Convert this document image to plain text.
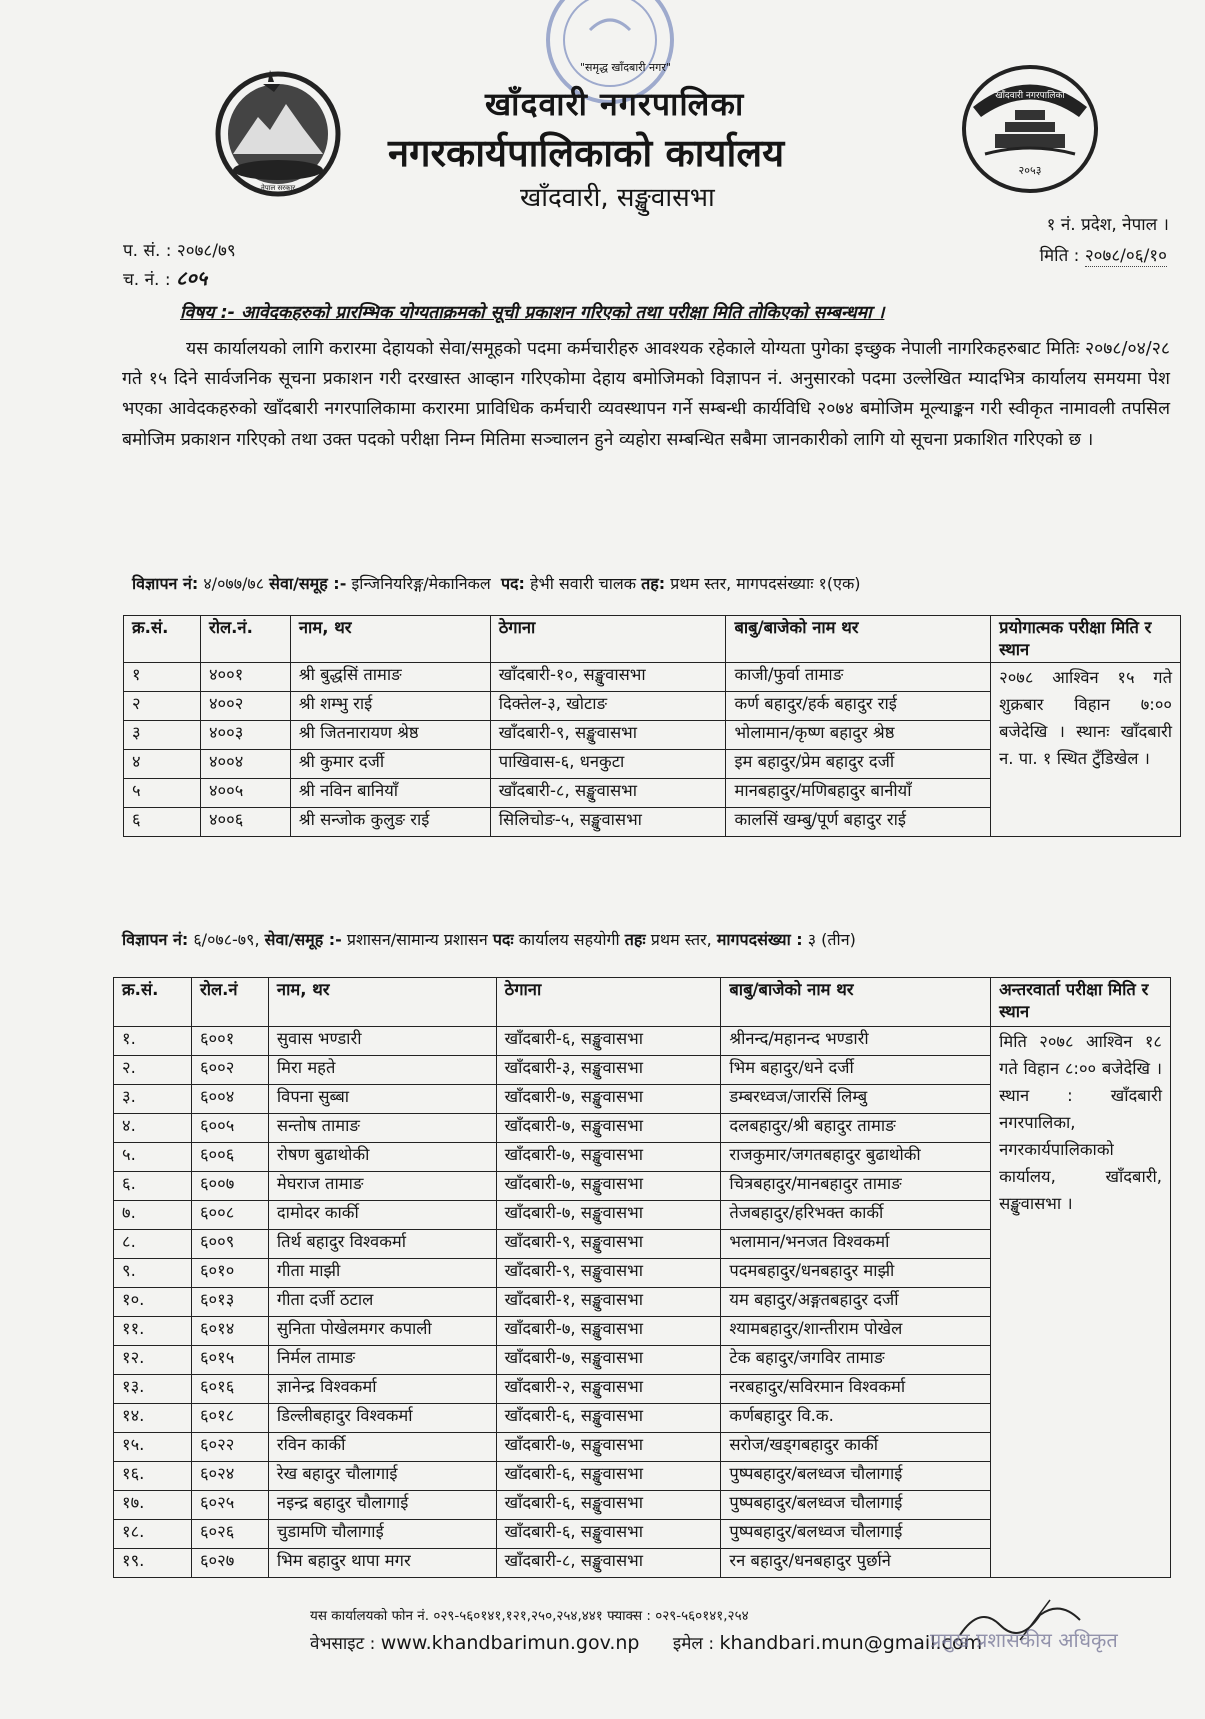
नेपाल सरकार
"समृद्ध खाँदबारी नगर"
खाँदवारी नगरपालिका
नगरकार्यपालिकाको कार्यालय
खाँदवारी, सङ्खुवासभा
खाँदवारी नगरपालिका
२०५३
१ नं. प्रदेश, नेपाल ।
प. सं. : २०७८/७९
च. नं. : ८०५
मिति : २०७८/०६/१०
विषय :- आवेदकहरुको प्रारम्भिक योग्यताक्रमको सूची प्रकाशन गरिएको तथा परीक्षा मिति तोकिएको सम्बन्धमा ।
यस कार्यालयको लागि करारमा देहायको सेवा/समूहको पदमा कर्मचारीहरु आवश्यक रहेकाले योग्यता पुगेका इच्छुक नेपाली नागरिकहरुबाट मितिः २०७८/०४/२८ गते १५ दिने सार्वजनिक सूचना प्रकाशन गरी दरखास्त आव्हान गरिएकोमा देहाय बमोजिमको विज्ञापन नं. अनुसारको पदमा उल्लेखित म्यादभित्र कार्यालय समयमा पेश भएका आवेदकहरुको खाँदबारी नगरपालिकामा करारमा प्राविधिक कर्मचारी व्यवस्थापन गर्ने सम्बन्धी कार्यविधि २०७४ बमोजिम मूल्याङ्कन गरी स्वीकृत नामावली तपसिल बमोजिम प्रकाशन गरिएको तथा उक्त पदको परीक्षा निम्न मितिमा सञ्चालन हुने व्यहोरा सम्बन्धित सबैमा जानकारीको लागि यो सूचना प्रकाशित गरिएको छ ।
विज्ञापन नं: ४/०७७/७८ सेवा/समूह :- इन्जिनियरिङ्ग/मेकानिकल पद: हेभी सवारी चालक तह: प्रथम स्तर, मागपदसंख्याः १(एक)
क्र.सं.	रोल.नं.	नाम, थर	ठेगाना	बाबु/बाजेको नाम थर	प्रयोगात्मक परीक्षा मिति र स्थान
१	४००१	श्री बुद्धसिं तामाङ	खाँदबारी-१०, सङ्खुवासभा	काजी/फुर्वा तामाङ	२०७८ आश्विन १५ गते शुक्रबार विहान ७:०० बजेदेखि । स्थानः खाँदबारी न. पा. १ स्थित टुँडिखेल ।
२	४००२	श्री शम्भु राई	दिक्तेल-३, खोटाङ	कर्ण बहादुर/हर्क बहादुर राई	
३	४००३	श्री जितनारायण श्रेष्ठ	खाँदबारी-९, सङ्खुवासभा	भोलामान/कृष्ण बहादुर श्रेष्ठ	
४	४००४	श्री कुमार दर्जी	पाखिवास-६, धनकुटा	इम बहादुर/प्रेम बहादुर दर्जी	
५	४००५	श्री नविन बानियाँ	खाँदबारी-८, सङ्खुवासभा	मानबहादुर/मणिबहादुर बानीयाँ	
६	४००६	श्री सन्जोक कुलुङ राई	सिलिचोङ-५, सङ्खुवासभा	कालसिं खम्बु/पूर्ण बहादुर राई	
विज्ञापन नं: ६/०७८-७९, सेवा/समूह :- प्रशासन/सामान्य प्रशासन पदः कार्यालय सहयोगी तहः प्रथम स्तर, मागपदसंख्या : ३ (तीन)
क्र.सं.	रोल.नं	नाम, थर	ठेगाना	बाबु/बाजेको नाम थर	अन्तरवार्ता परीक्षा मिति र स्थान
१.	६००१	सुवास भण्डारी	खाँदबारी-६, सङ्खुवासभा	श्रीनन्द/महानन्द भण्डारी	मिति २०७८ आश्विन १८ गते विहान ८:०० बजेदेखि । स्थान : खाँदबारी नगरपालिका, नगरकार्यपालिकाको कार्यालय, खाँदबारी, सङ्खुवासभा ।
२.	६००२	मिरा महते	खाँदबारी-३, सङ्खुवासभा	भिम बहादुर/धने दर्जी	
३.	६००४	विपना सुब्बा	खाँदबारी-७, सङ्खुवासभा	डम्बरध्वज/जारसिं लिम्बु	
४.	६००५	सन्तोष तामाङ	खाँदबारी-७, सङ्खुवासभा	दलबहादुर/श्री बहादुर तामाङ	
५.	६००६	रोषण बुढाथोकी	खाँदबारी-७, सङ्खुवासभा	राजकुमार/जगतबहादुर बुढाथोकी	
६.	६००७	मेघराज तामाङ	खाँदबारी-७, सङ्खुवासभा	चित्रबहादुर/मानबहादुर तामाङ	
७.	६००८	दामोदर कार्की	खाँदबारी-७, सङ्खुवासभा	तेजबहादुर/हरिभक्त कार्की	
८.	६००९	तिर्थ बहादुर विश्वकर्मा	खाँदबारी-९, सङ्खुवासभा	भलामान/भनजत विश्वकर्मा	
९.	६०१०	गीता माझी	खाँदबारी-९, सङ्खुवासभा	पदमबहादुर/धनबहादुर माझी	
१०.	६०१३	गीता दर्जी ठटाल	खाँदबारी-१, सङ्खुवासभा	यम बहादुर/अङ्गतबहादुर दर्जी	
११.	६०१४	सुनिता पोखेलमगर कपाली	खाँदबारी-७, सङ्खुवासभा	श्यामबहादुर/शान्तीराम पोखेल	
१२.	६०१५	निर्मल तामाङ	खाँदबारी-७, सङ्खुवासभा	टेक बहादुर/जगविर तामाङ	
१३.	६०१६	ज्ञानेन्द्र विश्वकर्मा	खाँदबारी-२, सङ्खुवासभा	नरबहादुर/सविरमान विश्वकर्मा	
१४.	६०१८	डिल्लीबहादुर विश्वकर्मा	खाँदबारी-६, सङ्खुवासभा	कर्णबहादुर वि.क.	
१५.	६०२२	रविन कार्की	खाँदबारी-७, सङ्खुवासभा	सरोज/खड्गबहादुर कार्की	
१६.	६०२४	रेख बहादुर चौलागाई	खाँदबारी-६, सङ्खुवासभा	पुष्पबहादुर/बलध्वज चौलागाई	
१७.	६०२५	नइन्द्र बहादुर चौलागाई	खाँदबारी-६, सङ्खुवासभा	पुष्पबहादुर/बलध्वज चौलागाई	
१८.	६०२६	चुडामणि चौलागाई	खाँदबारी-६, सङ्खुवासभा	पुष्पबहादुर/बलध्वज चौलागाई	
१९.	६०२७	भिम बहादुर थापा मगर	खाँदबारी-८, सङ्खुवासभा	रन बहादुर/धनबहादुर पुर्छाने	
यस कार्यालयको फोन नं. ०२९-५६०१४१,१२१,२५०,२५४,४४१ फ्याक्स : ०२९-५६०१४१,२५४
वेभसाइट : www.khandbarimun.gov.np इमेल : khandbari.mun@gmail.com
प्रमुख प्रशासकीय अधिकृत
